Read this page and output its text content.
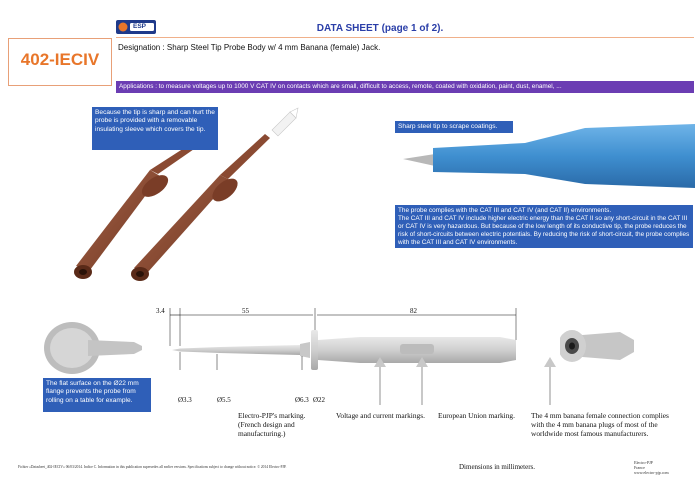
ESP	DATA SHEET (page 1 of 2).
402-IECIV
Designation : Sharp Steel Tip Probe Body w/ 4 mm Banana (female) Jack.
Applications : to measure voltages up to 1000 V CAT IV on contacts which are small, difficult to access, remote, coated with oxidation, paint, dust, enamel, ...
Because the tip is sharp and can hurt the probe is provided with a removable insulating sleeve which covers the tip.	Sharp steel tip to scrape coatings.
The probe complies with the CAT III and CAT IV (and CAT II) environments.
The CAT III and CAT IV include higher electric energy than the CAT II so any short-circuit in the CAT III or CAT IV is very hazardous. But because of the low length of its conductive tip, the probe reduces the risk of short-circuits between electric potentials. By reducing the risk of short-circuit, the probe complies with the CAT III and CAT IV environments.
3.4	55	82
Ø3.3	Ø5.5	Ø6.3 Ø22
The flat surface on the Ø22 mm flange prevents the probe from rolling on a table for example.
Electro-PJP's marking.
(French design and
manufacturing.)
Voltage and current markings.	European Union marking.	The 4 mm banana female connection complies with the 4 mm banana plugs of most of the worldwide most famous manufacturers.
Fichier «Datasheet_402-IECIV» 06/03/2014. Indice C. Information in this publication supersedes all earlier versions. Specifications subject to change without notice. © 2014 Electro-PJP.	Dimensions in millimeters.
Electro-PJP
France
www.electro-pjp.com
